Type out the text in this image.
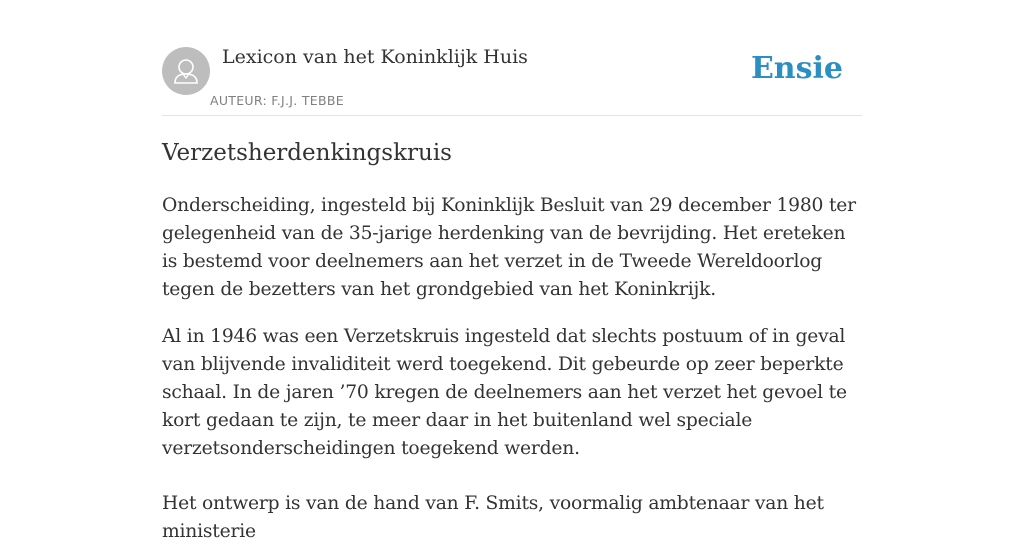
Lexicon van het Koninklijk Huis
AUTEUR: F.J.J. TEBBE
Ensie
Verzetsherdenkingskruis

Onderscheiding, ingesteld bij Koninklijk Besluit van 29 december 1980 ter gelegenheid van de 35-jarige herdenking van de bevrijding. Het ereteken is bestemd voor deelnemers aan het verzet in de Tweede Wereldoorlog tegen de bezetters van het grondgebied van het Koninkrijk.

Al in 1946 was een Verzetskruis ingesteld dat slechts postuum of in geval van blijvende invaliditeit werd toegekend. Dit gebeurde op zeer beperkte schaal. In de jaren ’70 kregen de deelnemers aan het verzet het gevoel te kort gedaan te zijn, te meer daar in het buitenland wel speciale verzetsonderscheidingen toegekend werden.

Het ontwerp is van de hand van F. Smits, voormalig ambtenaar van het ministerie
